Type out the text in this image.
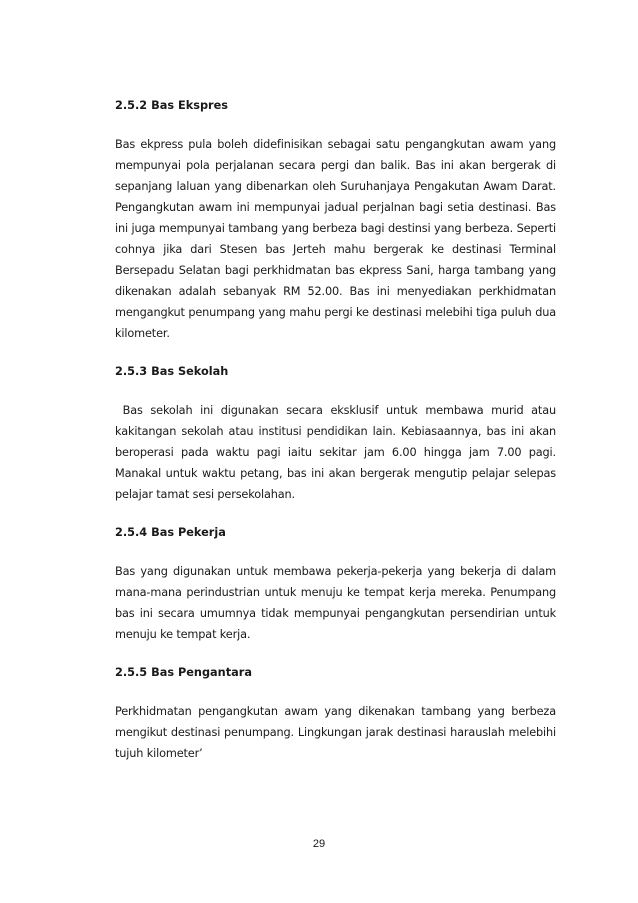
2.5.2 Bas Ekspres
Bas ekpress pula boleh didefinisikan sebagai satu pengangkutan awam yang mempunyai pola perjalanan secara pergi dan balik. Bas ini akan bergerak di sepanjang laluan yang dibenarkan oleh Suruhanjaya Pengakutan Awam Darat. Pengangkutan awam ini mempunyai jadual perjalnan bagi setia destinasi. Bas ini juga mempunyai tambang yang berbeza bagi destinsi yang berbeza. Seperti cohnya jika dari Stesen bas Jerteh mahu bergerak ke destinasi Terminal Bersepadu Selatan bagi perkhidmatan bas ekpress Sani, harga tambang yang dikenakan adalah sebanyak RM 52.00. Bas ini menyediakan perkhidmatan mengangkut penumpang yang mahu pergi ke destinasi melebihi tiga puluh dua kilometer.
2.5.3 Bas Sekolah
Bas sekolah ini digunakan secara eksklusif untuk membawa murid atau kakitangan sekolah atau institusi pendidikan lain. Kebiasaannya, bas ini akan beroperasi pada waktu pagi iaitu sekitar jam 6.00 hingga jam 7.00 pagi. Manakal untuk waktu petang, bas ini akan bergerak mengutip pelajar selepas pelajar tamat sesi persekolahan.
2.5.4 Bas Pekerja
Bas yang digunakan untuk membawa pekerja-pekerja yang bekerja di dalam mana-mana perindustrian untuk menuju ke tempat kerja mereka. Penumpang bas ini secara umumnya tidak mempunyai pengangkutan persendirian untuk menuju ke tempat kerja.
2.5.5 Bas Pengantara
Perkhidmatan pengangkutan awam yang dikenakan tambang yang berbeza mengikut destinasi penumpang. Lingkungan jarak destinasi harauslah melebihi tujuh kilometer’
29
